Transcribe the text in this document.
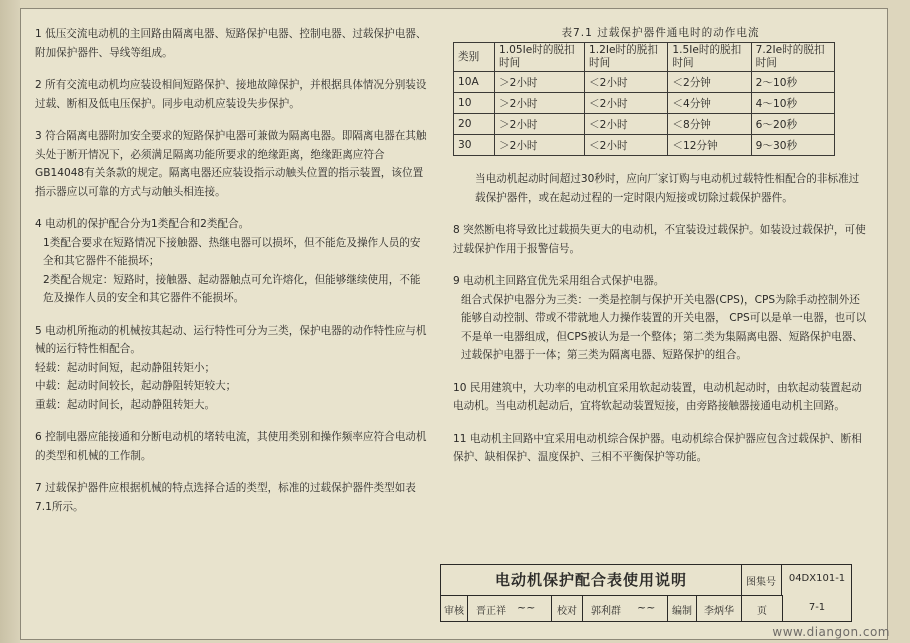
1 低压交流电动机的主回路由隔离电器、短路保护电器、控制电器、过载保护电器、附加保护器件、导线等组成。

2 所有交流电动机均应装设相间短路保护、接地故障保护，并根据具体情况分别装设过载、断相及低电压保护。同步电动机应装设失步保护。

3 符合隔离电器附加安全要求的短路保护电器可兼做为隔离电器。即隔离电器在其触头处于断开情况下，必须满足隔离功能所要求的绝缘距离，绝缘距离应符合GB14048有关条款的规定。隔离电器还应装设指示动触头位置的指示装置，该位置指示器应以可靠的方式与动触头相连接。

4 电动机的保护配合分为1类配合和2类配合。

1类配合要求在短路情况下接触器、热继电器可以损坏，但不能危及操作人员的安全和其它器件不能损坏；

2类配合规定：短路时，接触器、起动器触点可允许熔化，但能够继续使用，不能危及操作人员的安全和其它器件不能损坏。

5 电动机所拖动的机械按其起动、运行特性可分为三类，保护电器的动作特性应与机械的运行特性相配合。

轻载：起动时间短，起动静阻转矩小；

中载：起动时间较长，起动静阻转矩较大；

重载：起动时间长，起动静阻转矩大。

6 控制电器应能接通和分断电动机的堵转电流，其使用类别和操作频率应符合电动机的类型和机械的工作制。

7 过载保护器件应根据机械的特点选择合适的类型，标准的过载保护器件类型如表7.1所示。

表7.1 过载保护器件通电时的动作电流
类别	1.05Ie时的脱扣时间	1.2Ie时的脱扣时间	1.5Ie时的脱扣时间	7.2Ie时的脱扣时间
10A	＞2小时	＜2小时	＜2分钟	2～10秒
10	＞2小时	＜2小时	＜4分钟	4～10秒
20	＞2小时	＜2小时	＜8分钟	6～20秒
30	＞2小时	＜2小时	＜12分钟	9～30秒
当电动机起动时间超过30秒时，应向厂家订购与电动机过载特性相配合的非标准过载保护器件，或在起动过程的一定时限内短接或切除过载保护器件。

8 突然断电将导致比过载损失更大的电动机，不宜装设过载保护。如装设过载保护，可使过载保护作用于报警信号。

9 电动机主回路宜优先采用组合式保护电器。

组合式保护电器分为三类：一类是控制与保护开关电器(CPS)，CPS为除手动控制外还能够自动控制、带或不带就地人力操作装置的开关电器， CPS可以是单一电器，也可以不是单一电器组成，但CPS被认为是一个整体；第二类为集隔离电器、短路保护电器、过载保护电器于一体；第三类为隔离电器、短路保护的组合。

10 民用建筑中，大功率的电动机宜采用软起动装置，电动机起动时，由软起动装置起动电动机。当电动机起动后，宜将软起动装置短接，由旁路接触器接通电动机主回路。

11 电动机主回路中宜采用电动机综合保护器。电动机综合保护器应包含过载保护、断相保护、缺相保护、温度保护、三相不平衡保护等功能。

电动机保护配合表使用说明	图集号	04DX101-1
审核	晋正祥	~~	校对	郭利群	~~	编制	李炳华	页	7-1
www.diangon.com
